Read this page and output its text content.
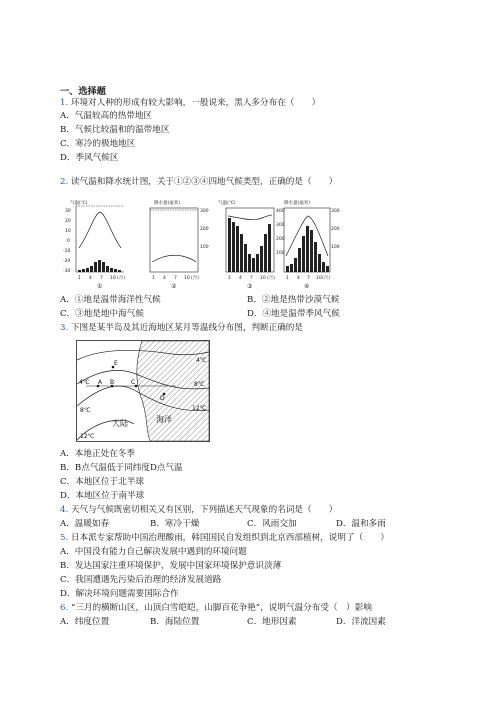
一、选择题
1. 环境对人种的形成有较大影响，一般说来，黑人多分布在（　　）
A．气温较高的热带地区
B．气候比较温和的温带地区
C．寒冷的极地地区
D．季风气候区
2. 读气温和降水统计图，关于①②③④四地气候类型，正确的是（　　）
气温(℃)
30
20
10
0
-10
-20
-30
1 4 7 10 (月)
①
降水量(毫米)
300
200
100
1 4 7 10 (月)
②
气温(℃)
400
300
200
100
1 4 7 10 (月)
③
降水量(毫米)
300
200
100
1 4 7 10 (月)
④
A．①地是温带海洋性气候	B．②地是热带沙漠气候
C．③地是地中海气候	D．④地是温带季风气候
3. 下图是某半岛及其近海地区某月等温线分布图，判断正确的是
4℃
4℃	8℃
8℃	12℃
12℃
E
A B	C
D
大陆	海洋
A．本地正处在冬季
B．B点气温低于同纬度D点气温
C．本地区位于北半球
D．本地区位于南半球
4. 天气与气候既密切相关又有区别，下列描述天气现象的名词是（　　）
A．温暖如春	B．寒冷干燥	C．风雨交加	D．温和多雨
5. 日本派专家帮助中国治理酸雨，韩国国民自发组织到北京西部植树，说明了（　　）
A．中国没有能力自己解决发展中遇到的环境问题
B．发达国家注重环境保护，发展中国家环境保护意识淡薄
C．我国遭遇先污染后治理的经济发展道路
D．解决环境问题需要国际合作
6. “三月的横断山区，山顶白雪皑皑，山脚百花争艳”，说明气温分布受（　）影响
A．纬度位置	B．海陆位置	C．地形因素	D．洋流因素
